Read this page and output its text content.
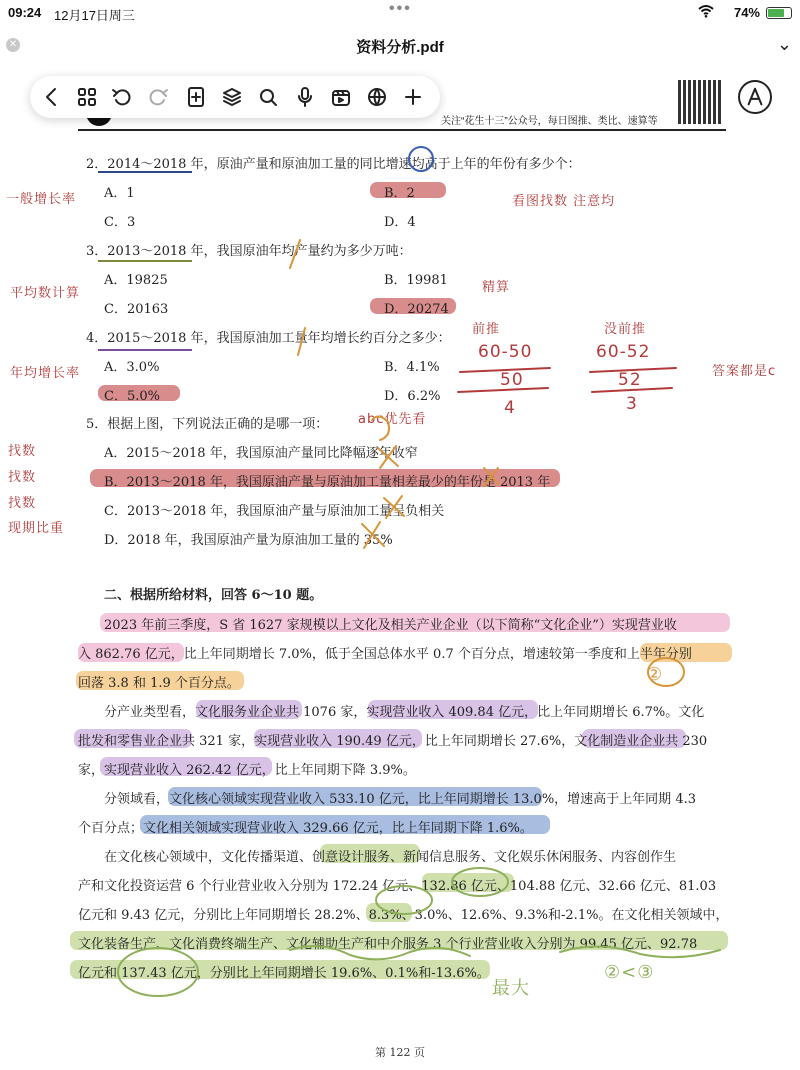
09:24 12月17日周三	•••	74%
✕	资料分析.pdf	⌄
关注“花生十三”公众号，每日图推、类比、速算等
2．2014～2018 年，原油产量和原油加工量的同比增速均高于上年的年份有多少个：
A．1	B．2
C．3	D．4
3．2013～2018 年，我国原油年均产量约为多少万吨：
A．19825	B．19981
C．20163	D．20274
4．2015～2018 年，我国原油加工量年均增长约百分之多少：
A．3.0%	B．4.1%
C．5.0%	D．6.2%
5．根据上图，下列说法正确的是哪一项：
A．2015～2018 年，我国原油产量同比降幅逐年收窄
B．2013～2018 年，我国原油产量与原油加工量相差最少的年份是 2013 年
C．2013～2018 年，我国原油产量与原油加工量呈负相关
D．2018 年，我国原油产量为原油加工量的 35%
二、根据所给材料，回答 6～10 题。
2023 年前三季度，S 省 1627 家规模以上文化及相关产业企业（以下简称“文化企业”）实现营业收
入 862.76 亿元，比上年同期增长 7.0%，低于全国总体水平 0.7 个百分点，增速较第一季度和上半年分别
回落 3.8 和 1.9 个百分点。
分产业类型看，文化服务业企业共 1076 家，实现营业收入 409.84 亿元，比上年同期增长 6.7%。文化
批发和零售业企业共 321 家，实现营业收入 190.49 亿元，比上年同期增长 27.6%，文化制造业企业共 230
家，实现营业收入 262.42 亿元，比上年同期下降 3.9%。
分领域看，文化核心领域实现营业收入 533.10 亿元，比上年同期增长 13.0%，增速高于上年同期 4.3
个百分点；文化相关领域实现营业收入 329.66 亿元，比上年同期下降 1.6%。
在文化核心领域中，文化传播渠道、创意设计服务、新闻信息服务、文化娱乐休闲服务、内容创作生
产和文化投资运营 6 个行业营业收入分别为 172.24 亿元、132.86 亿元、104.88 亿元、32.66 亿元、81.03
亿元和 9.43 亿元，分别比上年同期增长 28.2%、8.3%、3.0%、12.6%、9.3%和-2.1%。在文化相关领域中，
文化装备生产、文化消费终端生产、文化辅助生产和中介服务 3 个行业营业收入分别为 99.45 亿元、92.78
亿元和 137.43 亿元，分别比上年同期增长 19.6%、0.1%和-13.6%。
一般增长率	看图找数 注意均
平均数计算	精算
年均增长率
前推	没前推
答案都是c
60-50
50
4
60-52
52
3
abc优先看
找数
找数
找数
现期比重
最大
②<③
②
第 122 页
